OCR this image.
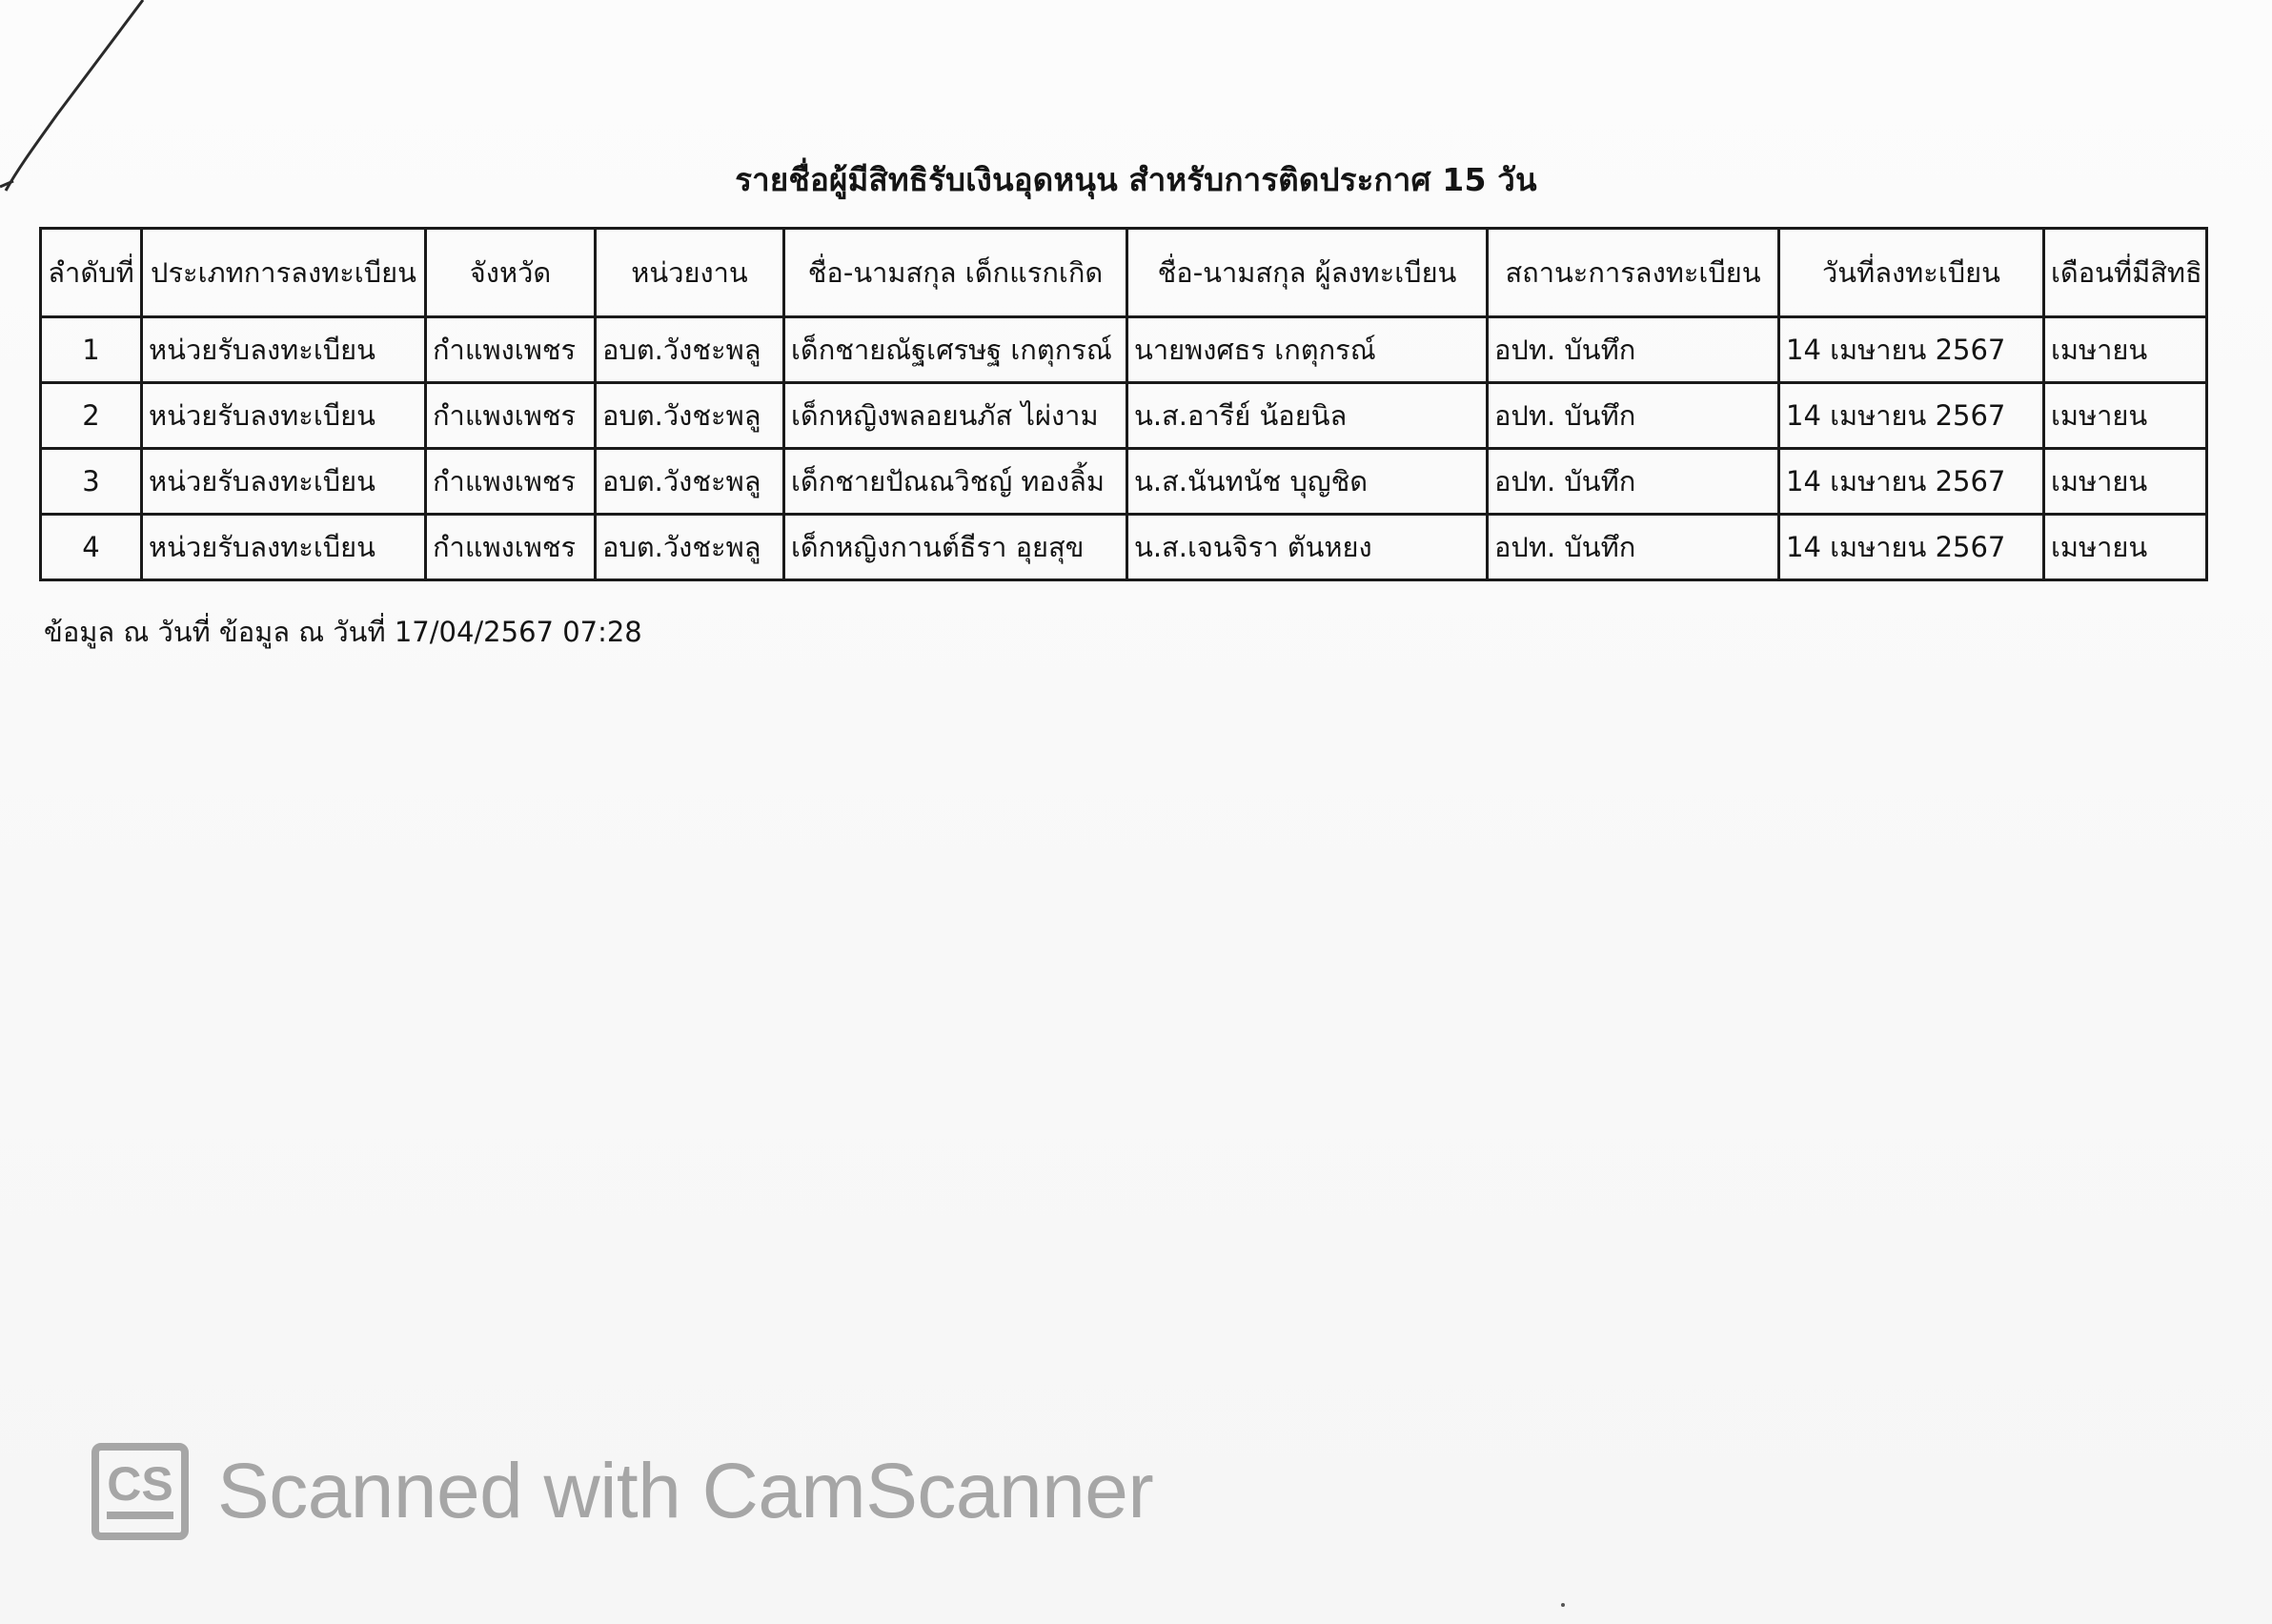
รายชื่อผู้มีสิทธิรับเงินอุดหนุน สำหรับการติดประกาศ 15 วัน
ลำดับที่	ประเภทการลงทะเบียน	จังหวัด	หน่วยงาน	ชื่อ-นามสกุล เด็กแรกเกิด	ชื่อ-นามสกุล ผู้ลงทะเบียน	สถานะการลงทะเบียน	วันที่ลงทะเบียน	เดือนที่มีสิทธิ
1	หน่วยรับลงทะเบียน	กำแพงเพชร	อบต.วังชะพลู	เด็กชายณัฐเศรษฐ เกตุกรณ์	นายพงศธร เกตุกรณ์	อปท. บันทึก	14 เมษายน 2567	เมษายน
2	หน่วยรับลงทะเบียน	กำแพงเพชร	อบต.วังชะพลู	เด็กหญิงพลอยนภัส ไผ่งาม	น.ส.อารีย์ น้อยนิล	อปท. บันทึก	14 เมษายน 2567	เมษายน
3	หน่วยรับลงทะเบียน	กำแพงเพชร	อบต.วังชะพลู	เด็กชายปัณณวิชญ์ ทองลิ้ม	น.ส.นันทนัช บุญชิด	อปท. บันทึก	14 เมษายน 2567	เมษายน
4	หน่วยรับลงทะเบียน	กำแพงเพชร	อบต.วังชะพลู	เด็กหญิงกานต์ธีรา อุยสุข	น.ส.เจนจิรา ตันหยง	อปท. บันทึก	14 เมษายน 2567	เมษายน
ข้อมูล ณ วันที่ ข้อมูล ณ วันที่ 17/04/2567 07:28
CS Scanned with CamScanner
